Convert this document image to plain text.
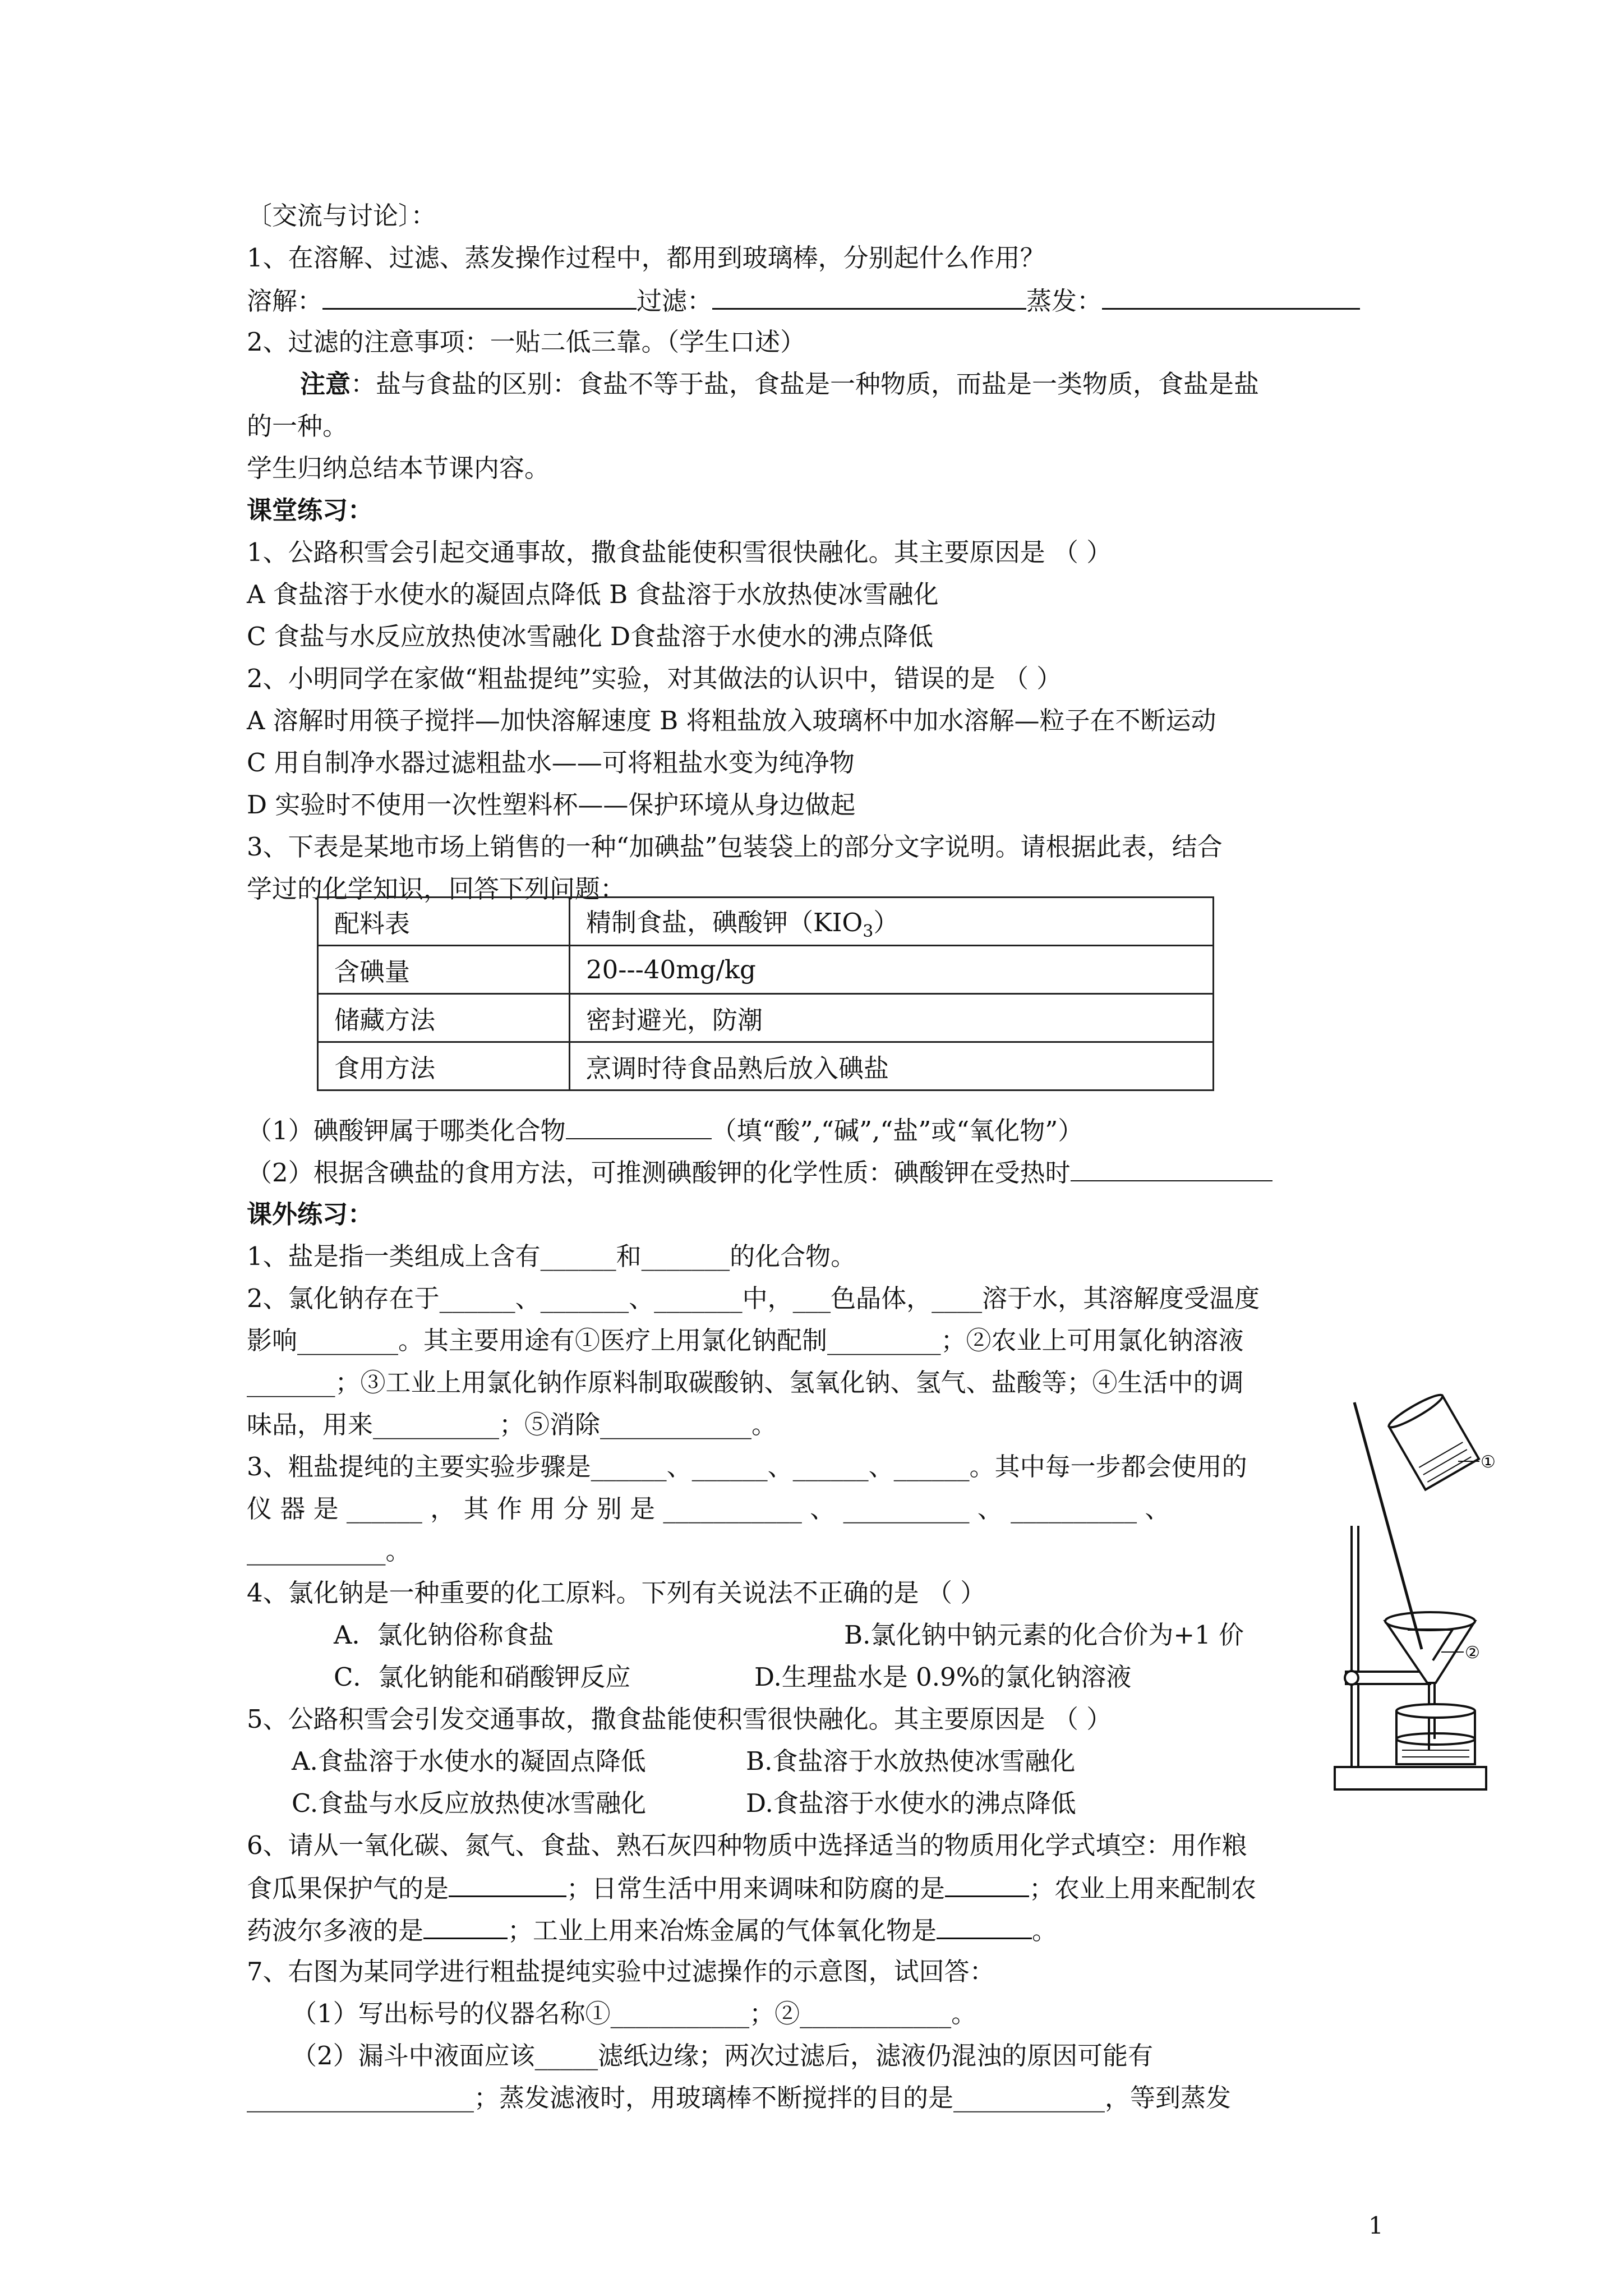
〔交流与讨论〕：
1、在溶解、过滤、蒸发操作过程中，都用到玻璃棒，分别起什么作用？
溶解：	过滤：	蒸发：
2、过滤的注意事项：一贴二低三靠。（学生口述）
注意：盐与食盐的区别：食盐不等于盐，食盐是一种物质，而盐是一类物质，食盐是盐
的一种。
学生归纳总结本节课内容。
课堂练习：
1、公路积雪会引起交通事故，撒食盐能使积雪很快融化。其主要原因是 （ ）
A 食盐溶于水使水的凝固点降低 B 食盐溶于水放热使冰雪融化
C 食盐与水反应放热使冰雪融化 D食盐溶于水使水的沸点降低
2、小明同学在家做“粗盐提纯”实验，对其做法的认识中，错误的是 （ ）
A 溶解时用筷子搅拌—加快溶解速度 B 将粗盐放入玻璃杯中加水溶解—粒子在不断运动
C 用自制净水器过滤粗盐水——可将粗盐水变为纯净物
D 实验时不使用一次性塑料杯——保护环境从身边做起
3、下表是某地市场上销售的一种“加碘盐”包装袋上的部分文字说明。请根据此表，结合
学过的化学知识，回答下列问题：
配料表	精制食盐，碘酸钾$(KIO_3)$
含碘量	20---40mg/kg
储藏方法	密封避光，防潮
食用方法	烹调时待食品熟后放入碘盐
（1）碘酸钾属于哪类化合物	（填“酸”,“碱”,“盐”或“氧化物”）
（2）根据含碘盐的食用方法，可推测碘酸钾的化学性质：碘酸钾在受热时
课外练习：
1、盐是指一类组成上含有______和_______的化合物。
2、氯化钠存在于______、_______、_______中，___色晶体，____溶于水，其溶解度受温度
影响________。其主要用途有①医疗上用氯化钠配制_________；②农业上可用氯化钠溶液
_______；③工业上用氯化钠作原料制取碳酸钠、氢氧化钠、氢气、盐酸等；④生活中的调
味品，用来__________；⑤消除____________。
3、粗盐提纯的主要实验步骤是______、______、______、______。其中每一步都会使用的
仪 器 是 ______ ， 其 作 用 分 别 是 ___________ 、 __________ 、 __________ 、
___________。
4、氯化钠是一种重要的化工原料。下列有关说法不正确的是 （ ）
A．氯化钠俗称食盐	B.氯化钠中钠元素的化合价为+1 价
C．氯化钠能和硝酸钾反应	D.生理盐水是 0.9%的氯化钠溶液
5、公路积雪会引发交通事故，撒食盐能使积雪很快融化。其主要原因是 （ ）
A.食盐溶于水使水的凝固点降低	B.食盐溶于水放热使冰雪融化
C.食盐与水反应放热使冰雪融化	D.食盐溶于水使水的沸点降低
6、请从一氧化碳、氮气、食盐、熟石灰四种物质中选择适当的物质用化学式填空：用作粮
食瓜果保护气的是	；日常生活中用来调味和防腐的是	；农业上用来配制农
药波尔多液的是	；工业上用来冶炼金属的气体氧化物是	。
7、右图为某同学进行粗盐提纯实验中过滤操作的示意图，试回答：
（1）写出标号的仪器名称①___________；②____________。
（2）漏斗中液面应该_____滤纸边缘；两次过滤后，滤液仍混浊的原因可能有
__________________；蒸发滤液时，用玻璃棒不断搅拌的目的是____________，等到蒸发
①
②
1
